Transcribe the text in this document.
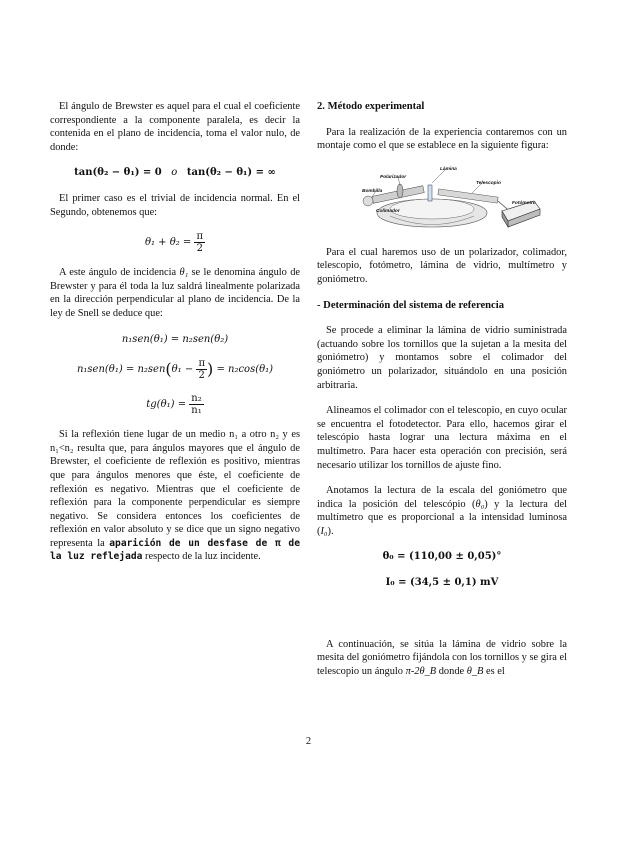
El ángulo de Brewster es aquel para el cual el coeficiente correspondiente a la componente paralela, es decir la contenida en el plano de incidencia, toma el valor nulo, de donde:

tan(θ₂ − θ₁) = 0 o tan(θ₂ − θ₁) = ∞

El primer caso es el trivial de incidencia normal. En el Segundo, obtenemos que:

$\theta_1 + \theta_2 = \frac{\pi}{2}$

A este ángulo de incidencia θ₁ se le denomina ángulo de Brewster y para él toda la luz saldrá linealmente polarizada en la dirección perpendicular al plano de incidencia. De la ley de Snell se deduce que:

n₁sen(θ₁) = n₂sen(θ₂)
$n_1sen(\theta_1) = n_2sen(\theta_1 - \frac{\pi}{2}$ ) = n₂cos(θ₁)
$tg(\theta_1) = \frac{\text{n₂}}{\text{n₁}}$

Si la reflexión tiene lugar de un medio n₁ a otro n₂ y es n₁<n₂ resulta que, para ángulos mayores que el ángulo de Brewster, el coeficiente de reflexión es positivo, mientras que para ángulos menores que éste, el coeficiente de reflexión es negativo. Mientras que el coeficiente de reflexión para la componente perpendicular es siempre negativo. Se considera entonces los coeficientes de reflexión en valor absoluto y se dice que un signo negativo representa la aparición de un desfase de π de la luz reflejada respecto de la luz incidente.

2. Método experimental

Para la realización de la experiencia contaremos con un montaje como el que se establece en la siguiente figura:

Polarizador
Lámina
Bombilla
Telescopio
Colimador
Fotómetro

Para el cual haremos uso de un polarizador, colimador, telescopio, fotómetro, lámina de vidrio, multímetro y goniómetro.

- Determinación del sistema de referencia

Se procede a eliminar la lámina de vidrio suministrada (actuando sobre los tornillos que la sujetan a la mesita del goniómetro) y montamos sobre el colimador del goniómetro un polarizador, situándolo en una posición arbitraria.

Alineamos el colimador con el telescopio, en cuyo ocular se encuentra el fotodetector. Para ello, hacemos girar el telescópio hasta lograr una lectura máxima en el multímetro. Para hacer esta operación con precisión, será necesario utilizar los tornillos de ajuste fino.

Anotamos la lectura de la escala del goniómetro que indica la posición del telescópio (θ₀) y la lectura del multímetro que es proporcional a la intensidad luminosa (I₀).

θ₀ = (110,00 ± 0,05)°
I₀ = (34,5 ± 0,1) mV

A continuación, se sitúa la lámina de vidrio sobre la mesita del goniómetro fijándola con los tornillos y se gira el telescopio un ángulo π-2θ_B donde θ_B es el

2
